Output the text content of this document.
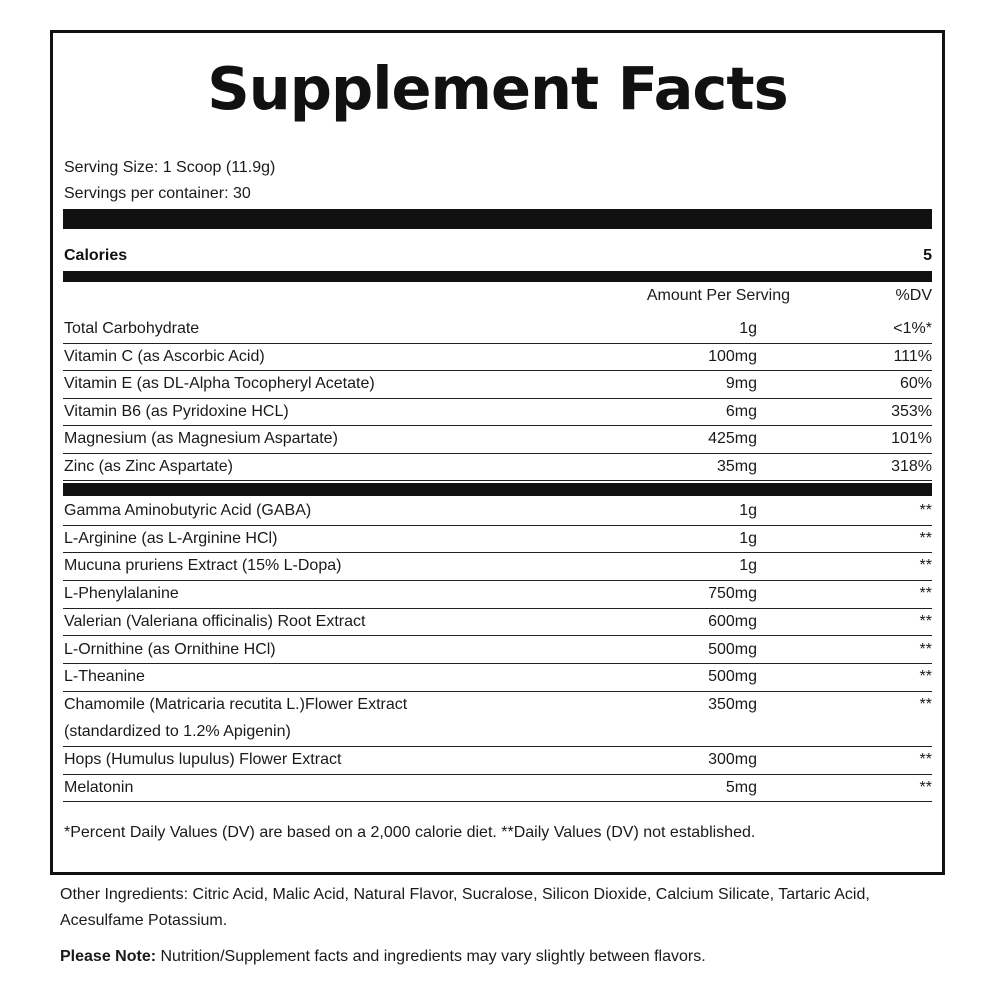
Supplement Facts
Serving Size: 1 Scoop (11.9g)
Servings per container: 30
Calories	5
Amount Per Serving	%DV
Total Carbohydrate	1g	<1%*
Vitamin C (as Ascorbic Acid)	100mg	111%
Vitamin E (as DL-Alpha Tocopheryl Acetate)	9mg	60%
Vitamin B6 (as Pyridoxine HCL)	6mg	353%
Magnesium (as Magnesium Aspartate)	425mg	101%
Zinc (as Zinc Aspartate)	35mg	318%
Gamma Aminobutyric Acid (GABA)	1g	**
L-Arginine (as L-Arginine HCl)	1g	**
Mucuna pruriens Extract (15% L-Dopa)	1g	**
L-Phenylalanine	750mg	**
Valerian (Valeriana officinalis) Root Extract	600mg	**
L-Ornithine (as Ornithine HCl)	500mg	**
L-Theanine	500mg	**
Chamomile (Matricaria recutita L.)Flower Extract	350mg	**
(standardized to 1.2% Apigenin)
Hops (Humulus lupulus) Flower Extract	300mg	**
Melatonin	5mg	**
*Percent Daily Values (DV) are based on a 2,000 calorie diet. **Daily Values (DV) not established.
Other Ingredients: Citric Acid, Malic Acid, Natural Flavor, Sucralose, Silicon Dioxide, Calcium Silicate, Tartaric Acid, Acesulfame Potassium.
Please Note: Nutrition/Supplement facts and ingredients may vary slightly between flavors.
